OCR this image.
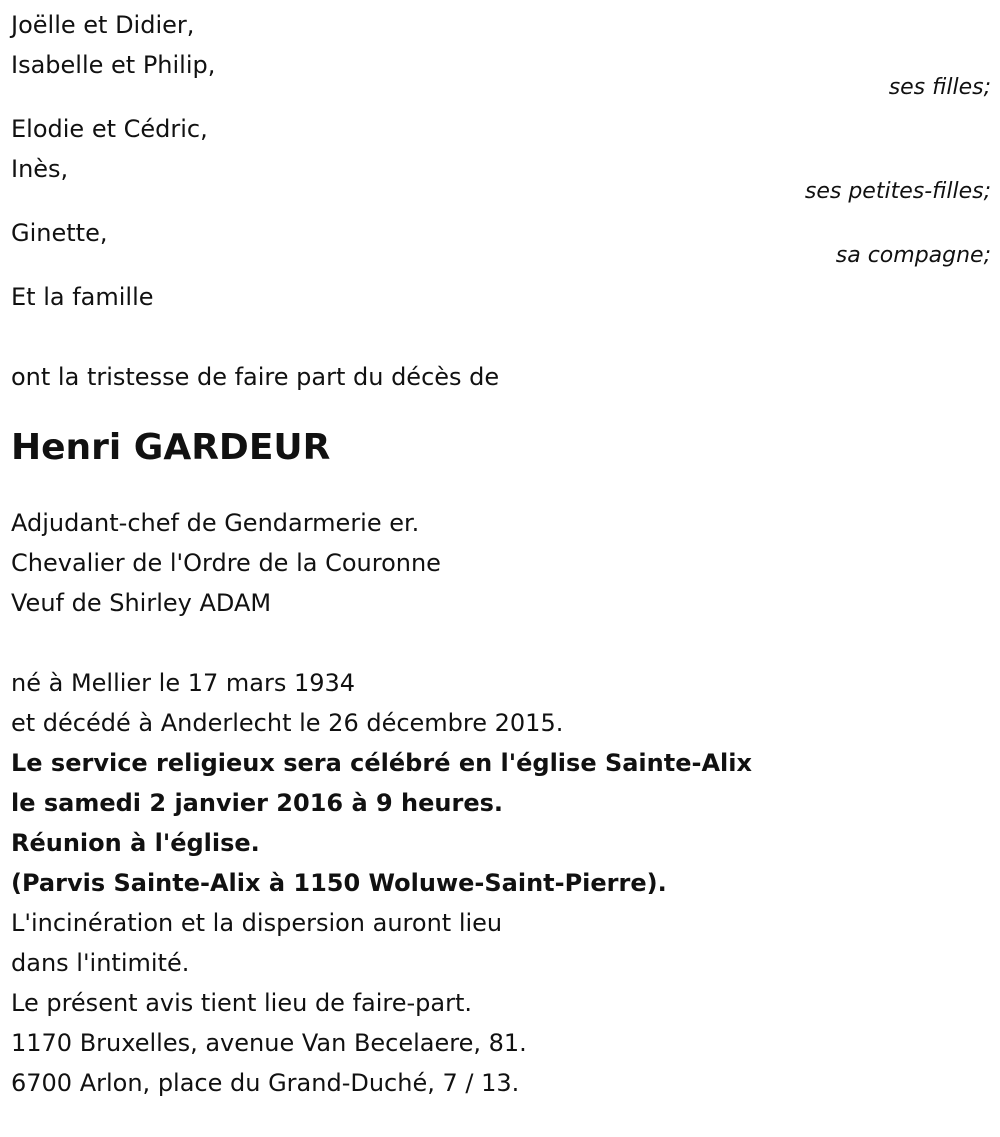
Joëlle et Didier,
Isabelle et Philip,
ses filles;
Elodie et Cédric,
Inès,
ses petites-filles;
Ginette,
sa compagne;
Et la famille
ont la tristesse de faire part du décès de
Henri GARDEUR
Adjudant-chef de Gendarmerie er.
Chevalier de l'Ordre de la Couronne
Veuf de Shirley ADAM
né à Mellier le 17 mars 1934
et décédé à Anderlecht le 26 décembre 2015.
Le service religieux sera célébré en l'église Sainte-Alix
le samedi 2 janvier 2016 à 9 heures.
Réunion à l'église.
(Parvis Sainte-Alix à 1150 Woluwe-Saint-Pierre).
L'incinération et la dispersion auront lieu
dans l'intimité.
Le présent avis tient lieu de faire-part.
1170 Bruxelles, avenue Van Becelaere, 81.
6700 Arlon, place du Grand-Duché, 7 / 13.
